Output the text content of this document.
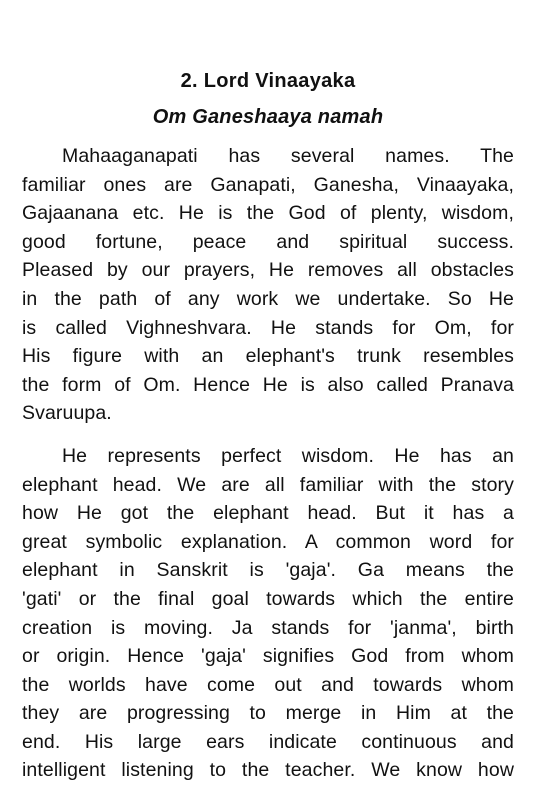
2. Lord Vinaayaka
Om Ganeshaaya namah

Mahaaganapati has several names. The
familiar ones are Ganapati, Ganesha, Vinaayaka,
Gajaanana etc. He is the God of plenty, wisdom,
good fortune, peace and spiritual success.
Pleased by our prayers, He removes all obstacles
in the path of any work we undertake. So He
is called Vighneshvara. He stands for Om, for
His figure with an elephant's trunk resembles
the form of Om. Hence He is also called Pranava
Svaruupa.

He represents perfect wisdom. He has an
elephant head. We are all familiar with the story
how He got the elephant head. But it has a
great symbolic explanation. A common word for
elephant in Sanskrit is 'gaja'. Ga means the
'gati' or the final goal towards which the entire
creation is moving. Ja stands for 'janma', birth
or origin. Hence 'gaja' signifies God from whom
the worlds have come out and towards whom
they are progressing to merge in Him at the
end. His large ears indicate continuous and
intelligent listening to the teacher. We know how
